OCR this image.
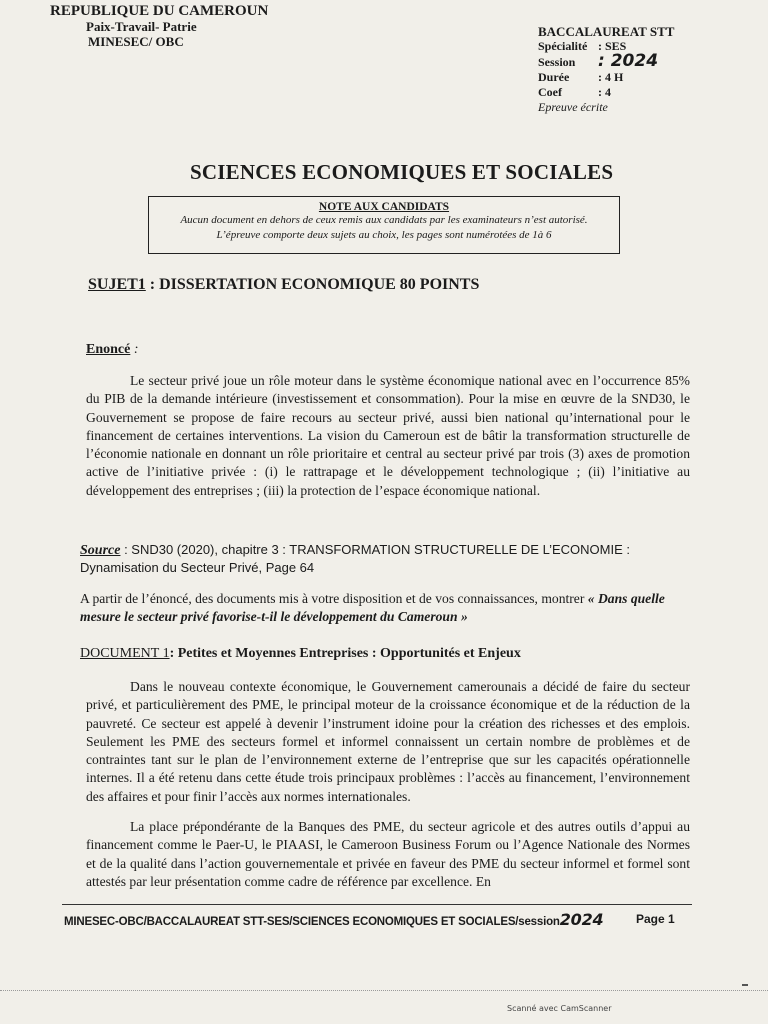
REPUBLIQUE DU CAMEROUN
Paix-Travail- Patrie
MINESEC/ OBC
BACCALAUREAT STT
Spécialité : SES
Session : 2024
Durée : 4 H
Coef	: 4
Epreuve écrite
SCIENCES ECONOMIQUES ET SOCIALES
NOTE AUX CANDIDATS
Aucun document en dehors de ceux remis aux candidats par les examinateurs n’est autorisé.
L’épreuve comporte deux sujets au choix, les pages sont numérotées de 1à 6
SUJET1 : DISSERTATION ECONOMIQUE 80 POINTS
Enoncé :
Le secteur privé joue un rôle moteur dans le système économique national avec en l’occurrence 85% du PIB de la demande intérieure (investissement et consommation). Pour la mise en œuvre de la SND30, le Gouvernement se propose de faire recours au secteur privé, aussi bien national qu’international pour le financement de certaines interventions. La vision du Cameroun est de bâtir la transformation structurelle de l’économie nationale en donnant un rôle prioritaire et central au secteur privé par trois (3) axes de promotion active de l’initiative privée : (i) le rattrapage et le développement technologique ; (ii) l’initiative au développement des entreprises ; (iii) la protection de l’espace économique national.
Source : SND30 (2020), chapitre 3 : TRANSFORMATION STRUCTURELLE DE L’ECONOMIE : Dynamisation du Secteur Privé, Page 64
A partir de l’énoncé, des documents mis à votre disposition et de vos connaissances, montrer « Dans quelle mesure le secteur privé favorise-t-il le développement du Cameroun »
DOCUMENT 1: Petites et Moyennes Entreprises : Opportunités et Enjeux
Dans le nouveau contexte économique, le Gouvernement camerounais a décidé de faire du secteur privé, et particulièrement des PME, le principal moteur de la croissance économique et de la réduction de la pauvreté. Ce secteur est appelé à devenir l’instrument idoine pour la création des richesses et des emplois. Seulement les PME des secteurs formel et informel connaissent un certain nombre de problèmes et de contraintes tant sur le plan de l’environnement externe de l’entreprise que sur les capacités opérationnelle internes. Il a été retenu dans cette étude trois principaux problèmes : l’accès au financement, l’environnement des affaires et pour finir l’accès aux normes internationales.
La place prépondérante de la Banques des PME, du secteur agricole et des autres outils d’appui au financement comme le Paer-U, le PIAASI, le Cameroon Business Forum ou l’Agence Nationale des Normes et de la qualité dans l’action gouvernementale et privée en faveur des PME du secteur informel et formel sont attestés par leur présentation comme cadre de référence par excellence. En
MINESEC-OBC/BACCALAUREAT STT-SES/SCIENCES ECONOMIQUES ET SOCIALES/session2024	Page 1
Scanné avec CamScanner
